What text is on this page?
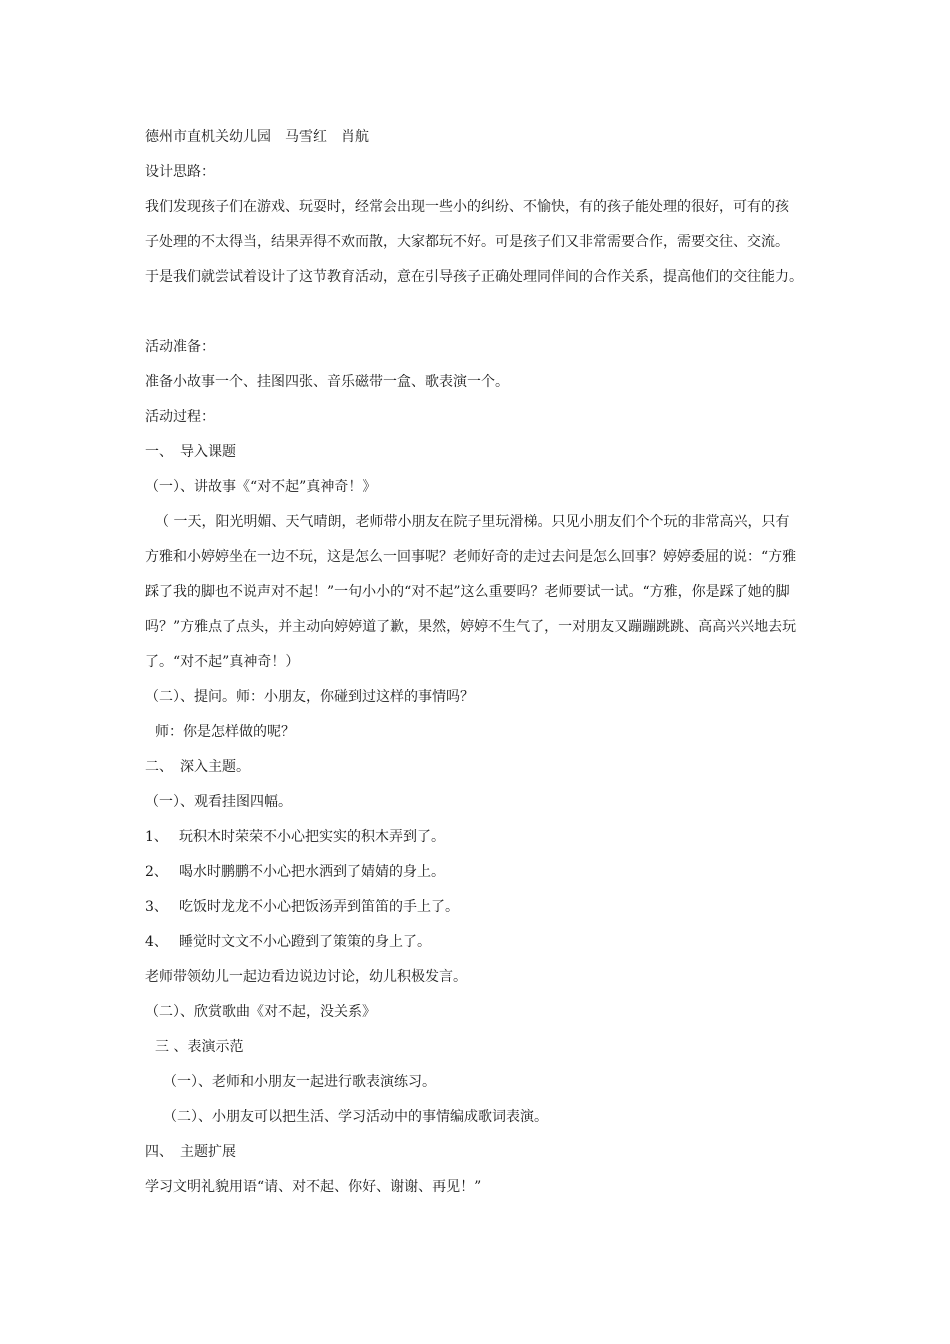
德州市直机关幼儿园　马雪红　肖航
设计思路：
我们发现孩子们在游戏、玩耍时，经常会出现一些小的纠纷、不愉快，有的孩子能处理的很好，可有的孩
子处理的不太得当，结果弄得不欢而散，大家都玩不好。可是孩子们又非常需要合作，需要交往、交流。
于是我们就尝试着设计了这节教育活动，意在引导孩子正确处理同伴间的合作关系，提高他们的交往能力。
活动准备：
准备小故事一个、挂图四张、音乐磁带一盒、歌表演一个。
活动过程：
一、　导入课题
（一）、讲故事《“对不起”真神奇！》
（ 一天，阳光明媚、天气晴朗，老师带小朋友在院子里玩滑梯。只见小朋友们个个玩的非常高兴，只有
方雅和小婷婷坐在一边不玩，这是怎么一回事呢？老师好奇的走过去问是怎么回事？婷婷委屈的说：“方雅
踩了我的脚也不说声对不起！”一句小小的“对不起”这么重要吗？老师要试一试。“方雅，你是踩了她的脚
吗？”方雅点了点头，并主动向婷婷道了歉，果然，婷婷不生气了，一对朋友又蹦蹦跳跳、高高兴兴地去玩
了。“对不起”真神奇！）
（二）、提问。师：小朋友，你碰到过这样的事情吗？
师：你是怎样做的呢？
二、　深入主题。
（一）、观看挂图四幅。
1、 玩积木时荣荣不小心把实实的积木弄到了。
2、 喝水时鹏鹏不小心把水洒到了婧婧的身上。
3、 吃饭时龙龙不小心把饭汤弄到笛笛的手上了。
4、 睡觉时文文不小心蹬到了策策的身上了。
老师带领幼儿一起边看边说边讨论，幼儿积极发言。
（二）、欣赏歌曲《对不起，没关系》
三 、表演示范
（一）、老师和小朋友一起进行歌表演练习。
（二）、小朋友可以把生活、学习活动中的事情编成歌词表演。
四、　主题扩展
学习文明礼貌用语“请、对不起、你好、谢谢、再见！”
